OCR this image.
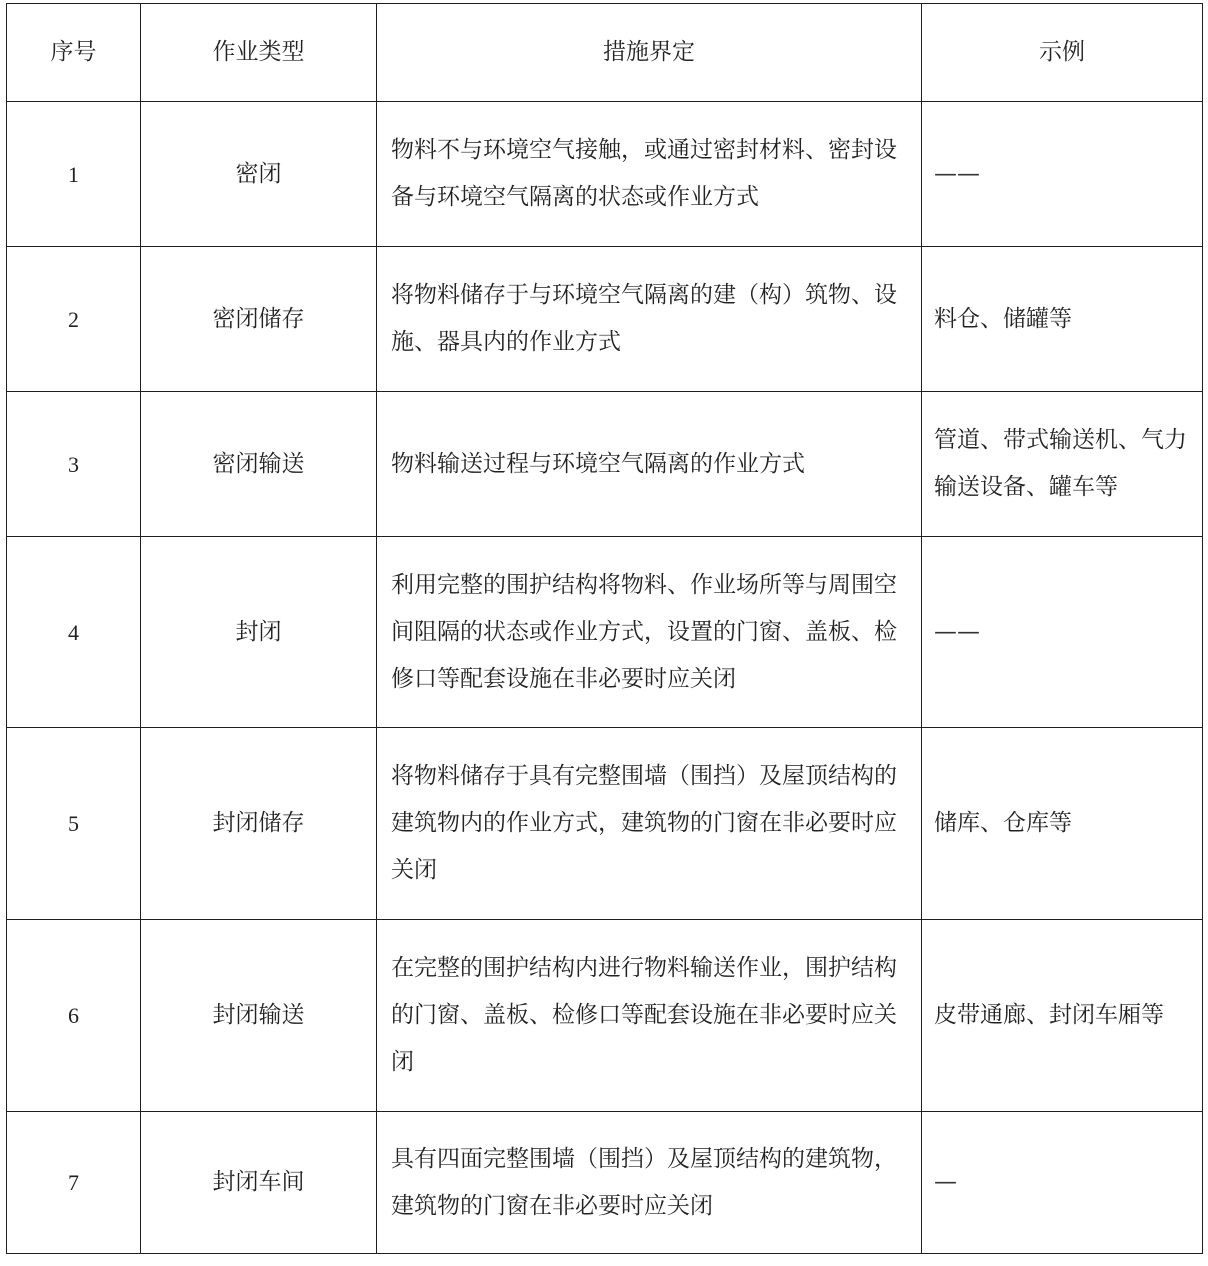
序号	作业类型	措施界定	示例
1	密闭	物料不与环境空气接触，或通过密封材料、密封设备与环境空气隔离的状态或作业方式	——
2	密闭储存	将物料储存于与环境空气隔离的建（构）筑物、设施、器具内的作业方式	料仓、储罐等
3	密闭输送	物料输送过程与环境空气隔离的作业方式	管道、带式输送机、气力输送设备、罐车等
4	封闭	利用完整的围护结构将物料、作业场所等与周围空间阻隔的状态或作业方式，设置的门窗、盖板、检修口等配套设施在非必要时应关闭	——
5	封闭储存	将物料储存于具有完整围墙（围挡）及屋顶结构的建筑物内的作业方式，建筑物的门窗在非必要时应关闭	储库、仓库等
6	封闭输送	在完整的围护结构内进行物料输送作业，围护结构的门窗、盖板、检修口等配套设施在非必要时应关闭	皮带通廊、封闭车厢等
7	封闭车间	具有四面完整围墙（围挡）及屋顶结构的建筑物，建筑物的门窗在非必要时应关闭	—
